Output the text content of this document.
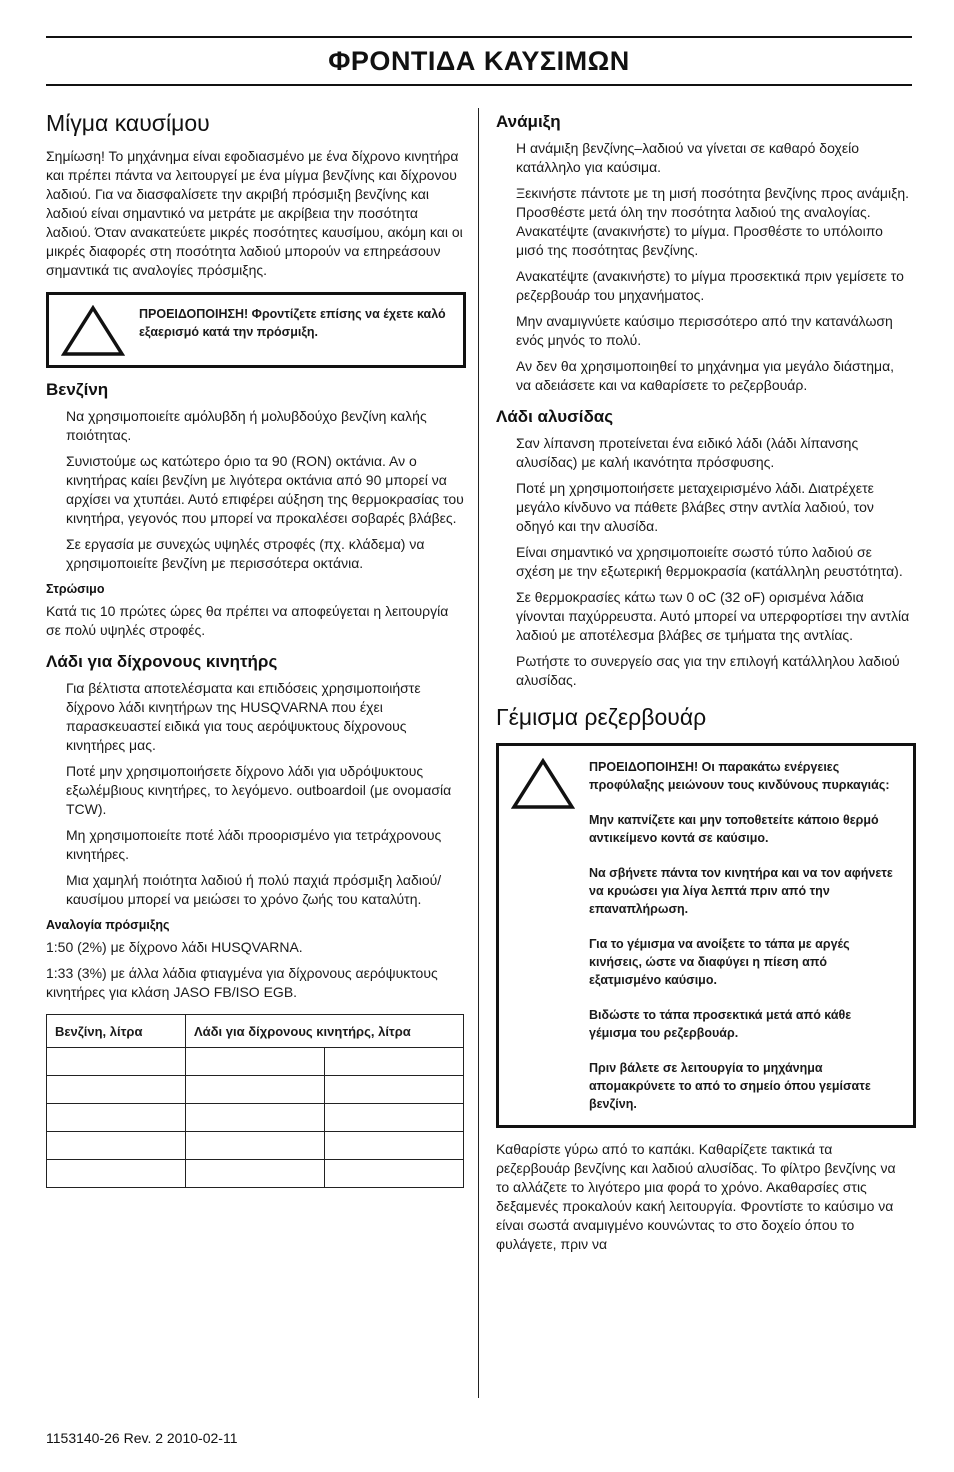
ΦΡΟΝΤΙΔΑ ΚΑΥΣΙΜΩΝ
Μίγμα καυσίμου

Σημίωση! Το μηχάνημα είναι εφοδιασμένο με ένα δίχρονο κινητήρα και πρέπει πάντα να λειτουργεί με ένα μίγμα βενζίνης και δίχρονου λαδιού. Για να διασφαλίσετε την ακριβή πρόσμιξη βενζίνης και λαδιού είναι σημαντικό να μετράτε με ακρίβεια την ποσότητα λαδιού. Όταν ανακατεύετε μικρές ποσότητες καυσίμου, ακόμη και οι μικρές διαφορές στη ποσότητα λαδιού μπορούν να επηρεάσουν σημαντικά τις αναλογίες πρόσμιξης.

ΠΡΟΕΙΔΟΠΟΙΗΣΗ! Φροντίζετε επίσης να έχετε καλό εξαερισμό κατά την πρόσμιξη.
Βενζίνη

Να χρησιμοποιείτε αμόλυβδη ή μολυβδούχο βενζίνη καλής ποιότητας.

Συνιστούμε ως κατώτερο όριο τα 90 (RON) οκτάνια. Αν ο κινητήρας καίει βενζίνη με λιγότερα οκτάνια από 90 μπορεί να αρχίσει να χτυπάει. Αυτό επιφέρει αύξηση της θερμοκρασίας του κινητήρα, γεγονός που μπορεί να προκαλέσει σοβαρές βλάβες.

Σε εργασία με συνεχώς υψηλές στροφές (πχ. κλάδεμα) να χρησιμοποιείτε βενζίνη με περισσότερα οκτάνια.

Στρώσιμο

Κατά τις 10 πρώτες ώρες θα πρέπει να αποφεύγεται η λειτουργία σε πολύ υψηλές στροφές.

Λάδι για δίχρονους κινητήρς

Για βέλτιστα αποτελέσματα και επιδόσεις χρησιμοποιήστε δίχρονο λάδι κινητήρων της HUSQVARNA που έχει παρασκευαστεί ειδικά για τους αερόψυκτους δίχρονους κινητήρες μας.

Ποτέ μην χρησιμοποιήσετε δίχρονο λάδι για υδρόψυκτους εξωλέμβιους κινητήρες, το λεγόμενο. outboardoil (με ονομασία TCW).

Μη χρησιμοποιείτε ποτέ λάδι προορισμένο για τετράχρονους κινητήρες.

Μια χαμηλή ποιότητα λαδιού ή πολύ παχιά πρόσμιξη λαδιού/καυσίμου μπορεί να μειώσει το χρόνο ζωής του καταλύτη.

Αναλογία πρόσμιξης

1:50 (2%) με δίχρονο λάδι HUSQVARNA.

1:33 (3%) με άλλα λάδια φτιαγμένα για δίχρονους αερόψυκτους κινητήρες για κλάση JASO FB/ISO EGB.

Βενζίνη, λίτρα	Λάδι για δίχρονους κινητήρς, λίτρα	

Ανάμιξη

Η ανάμιξη βενζίνης–λαδιού να γίνεται σε καθαρό δοχείο κατάλληλο για καύσιμα.

Ξεκινήστε πάντοτε με τη μισή ποσότητα βενζίνης προς ανάμιξη. Προσθέστε μετά όλη την ποσότητα λαδιού της αναλογίας. Ανακατέψτε (ανακινήστε) το μίγμα. Προσθέστε το υπόλοιπο μισό της ποσότητας βενζίνης.

Ανακατέψτε (ανακινήστε) το μίγμα προσεκτικά πριν γεμίσετε το ρεζερβουάρ του μηχανήματος.

Μην αναμιγνύετε καύσιμο περισσότερο από την κατανάλωση ενός μηνός το πολύ.

Αν δεν θα χρησιμοποιηθεί το μηχάνημα για μεγάλο διάστημα, να αδειάσετε και να καθαρίσετε το ρεζερβουάρ.

Λάδι αλυσίδας

Σαν λίπανση προτείνεται ένα ειδικό λάδι (λάδι λίπανσης αλυσίδας) με καλή ικανότητα πρόσφυσης.

Ποτέ μη χρησιμοποιήσετε μεταχειρισμένο λάδι. Διατρέχετε μεγάλο κίνδυνο να πάθετε βλάβες στην αντλία λαδιού, τον οδηγό και την αλυσίδα.

Είναι σημαντικό να χρησιμοποιείτε σωστό τύπο λαδιού σε σχέση με την εξωτερική θερμοκρασία (κατάλληλη ρευστότητα).

Σε θερμοκρασίες κάτω των 0 oC (32 oF) ορισμένα λάδια γίνονται παχύρρευστα. Αυτό μπορεί να υπερφορτίσει την αντλία λαδιού με αποτέλεσμα βλάβες σε τμήματα της αντλίας.

Ρωτήστε το συνεργείο σας για την επιλογή κατάλληλου λαδιού αλυσίδας.

Γέμισμα ρεζερβουάρ
ΠΡΟΕΙΔΟΠΟΙΗΣΗ! Οι παρακάτω ενέργειες προφύλαξης μειώνουν τους κινδύνους πυρκαγιάς:
Μην καπνίζετε και μην τοποθετείτε κάποιο θερμό αντικείμενο κοντά σε καύσιμο.
Να σβήνετε πάντα τον κινητήρα και να τον αφήνετε να κρυώσει για λίγα λεπτά πριν από την επαναπλήρωση.
Για το γέμισμα να ανοίξετε το τάπα με αργές κινήσεις, ώστε να διαφύγει η πίεση από εξατμισμένο καύσιμο.
Βιδώστε το τάπα προσεκτικά μετά από κάθε γέμισμα του ρεζερβουάρ.
Πριν βάλετε σε λειτουργία το μηχάνημα απομακρύνετε το από το σημείο όπου γεμίσατε βενζίνη.

Καθαρίστε γύρω από το καπάκι. Καθαρίζετε τακτικά τα ρεζερβουάρ βενζίνης και λαδιού αλυσίδας. Το φίλτρο βενζίνης να το αλλάζετε το λιγότερο μια φορά το χρόνο. Ακαθαρσίες στις δεξαμενές προκαλούν κακή λειτουργία. Φροντίστε το καύσιμο να είναι σωστά αναμιγμένο κουνώντας το στο δοχείο όπου το φυλάγετε, πριν να

1153140-26 Rev. 2 2010-02-11
